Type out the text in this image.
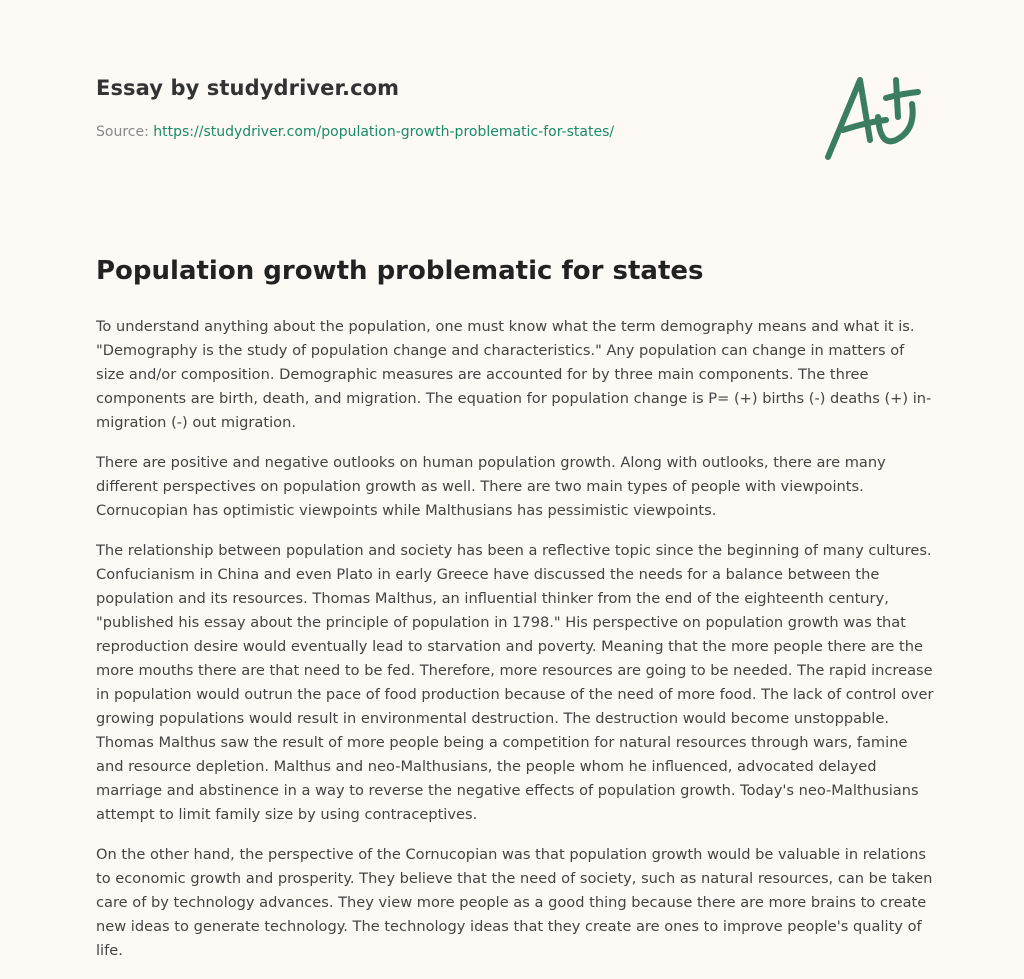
Essay by studydriver.com

Source: https://studydriver.com/population-growth-problematic-for-states/
Population growth problematic for states

To understand anything about the population, one must know what the term demography means and what it is. "Demography is the study of population change and characteristics." Any population can change in matters of size and/or composition. Demographic measures are accounted for by three main components. The three components are birth, death, and migration. The equation for population change is P= (+) births (-) deaths (+) in-migration (-) out migration.

There are positive and negative outlooks on human population growth. Along with outlooks, there are many different perspectives on population growth as well. There are two main types of people with viewpoints. Cornucopian has optimistic viewpoints while Malthusians has pessimistic viewpoints.

The relationship between population and society has been a reflective topic since the beginning of many cultures. Confucianism in China and even Plato in early Greece have discussed the needs for a balance between the population and its resources. Thomas Malthus, an influential thinker from the end of the eighteenth century, "published his essay about the principle of population in 1798." His perspective on population growth was that reproduction desire would eventually lead to starvation and poverty. Meaning that the more people there are the more mouths there are that need to be fed. Therefore, more resources are going to be needed. The rapid increase in population would outrun the pace of food production because of the need of more food. The lack of control over growing populations would result in environmental destruction. The destruction would become unstoppable. Thomas Malthus saw the result of more people being a competition for natural resources through wars, famine and resource depletion. Malthus and neo-Malthusians, the people whom he influenced, advocated delayed marriage and abstinence in a way to reverse the negative effects of population growth. Today's neo-Malthusians attempt to limit family size by using contraceptives.

On the other hand, the perspective of the Cornucopian was that population growth would be valuable in relations to economic growth and prosperity. They believe that the need of society, such as natural resources, can be taken care of by technology advances. They view more people as a good thing because there are more brains to create new ideas to generate technology. The technology ideas that they create are ones to improve people's quality of life.
